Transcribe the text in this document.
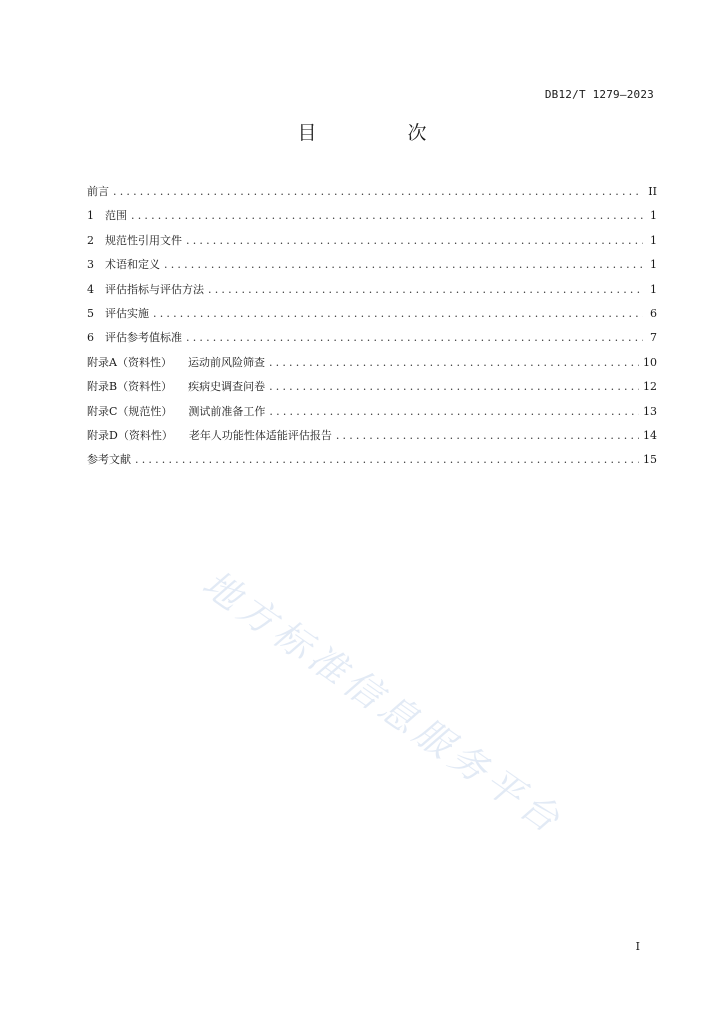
DB12/T 1279—2023
目　次
前言 .....	II
1	范围 .....	1
2	规范性引用文件 .....	1
3	术语和定义 .....	1
4	评估指标与评估方法 .....	1
5	评估实施 .....	6
6	评估参考值标准 .....	7
附录A（资料性） 运动前风险筛查 .....	10
附录B（资料性） 疾病史调查问卷 .....	12
附录C（规范性） 测试前准备工作 .....	13
附录D（资料性） 老年人功能性体适能评估报告 .....	14
参考文献 .....	15
地方标准信息服务平台
I
